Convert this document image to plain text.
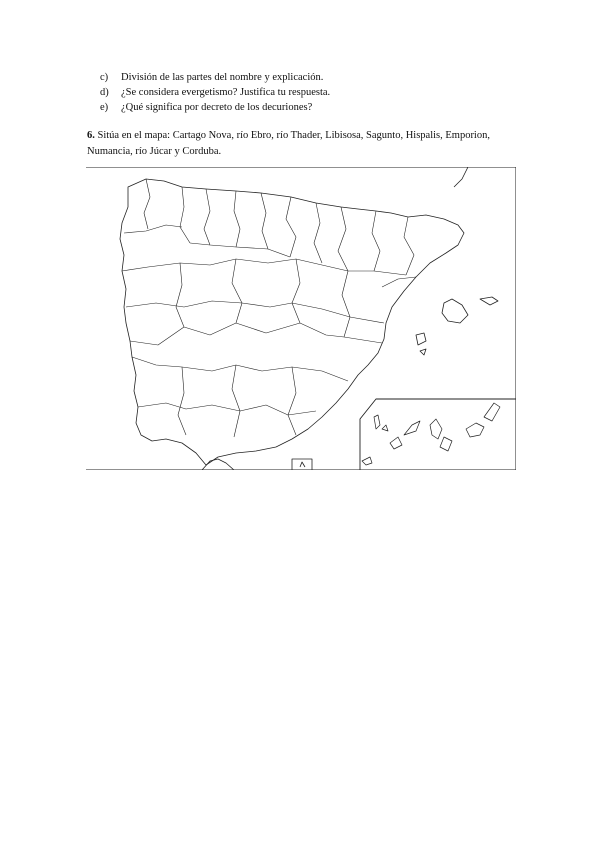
c) División de las partes del nombre y explicación.
d) ¿Se considera evergetismo? Justifica tu respuesta.
e) ¿Qué significa por decreto de los decuriones?
6. Sitúa en el mapa: Cartago Nova, río Ebro, río Thader, Libisosa, Sagunto, Hispalis, Emporion, Numancia, río Júcar y Corduba.
